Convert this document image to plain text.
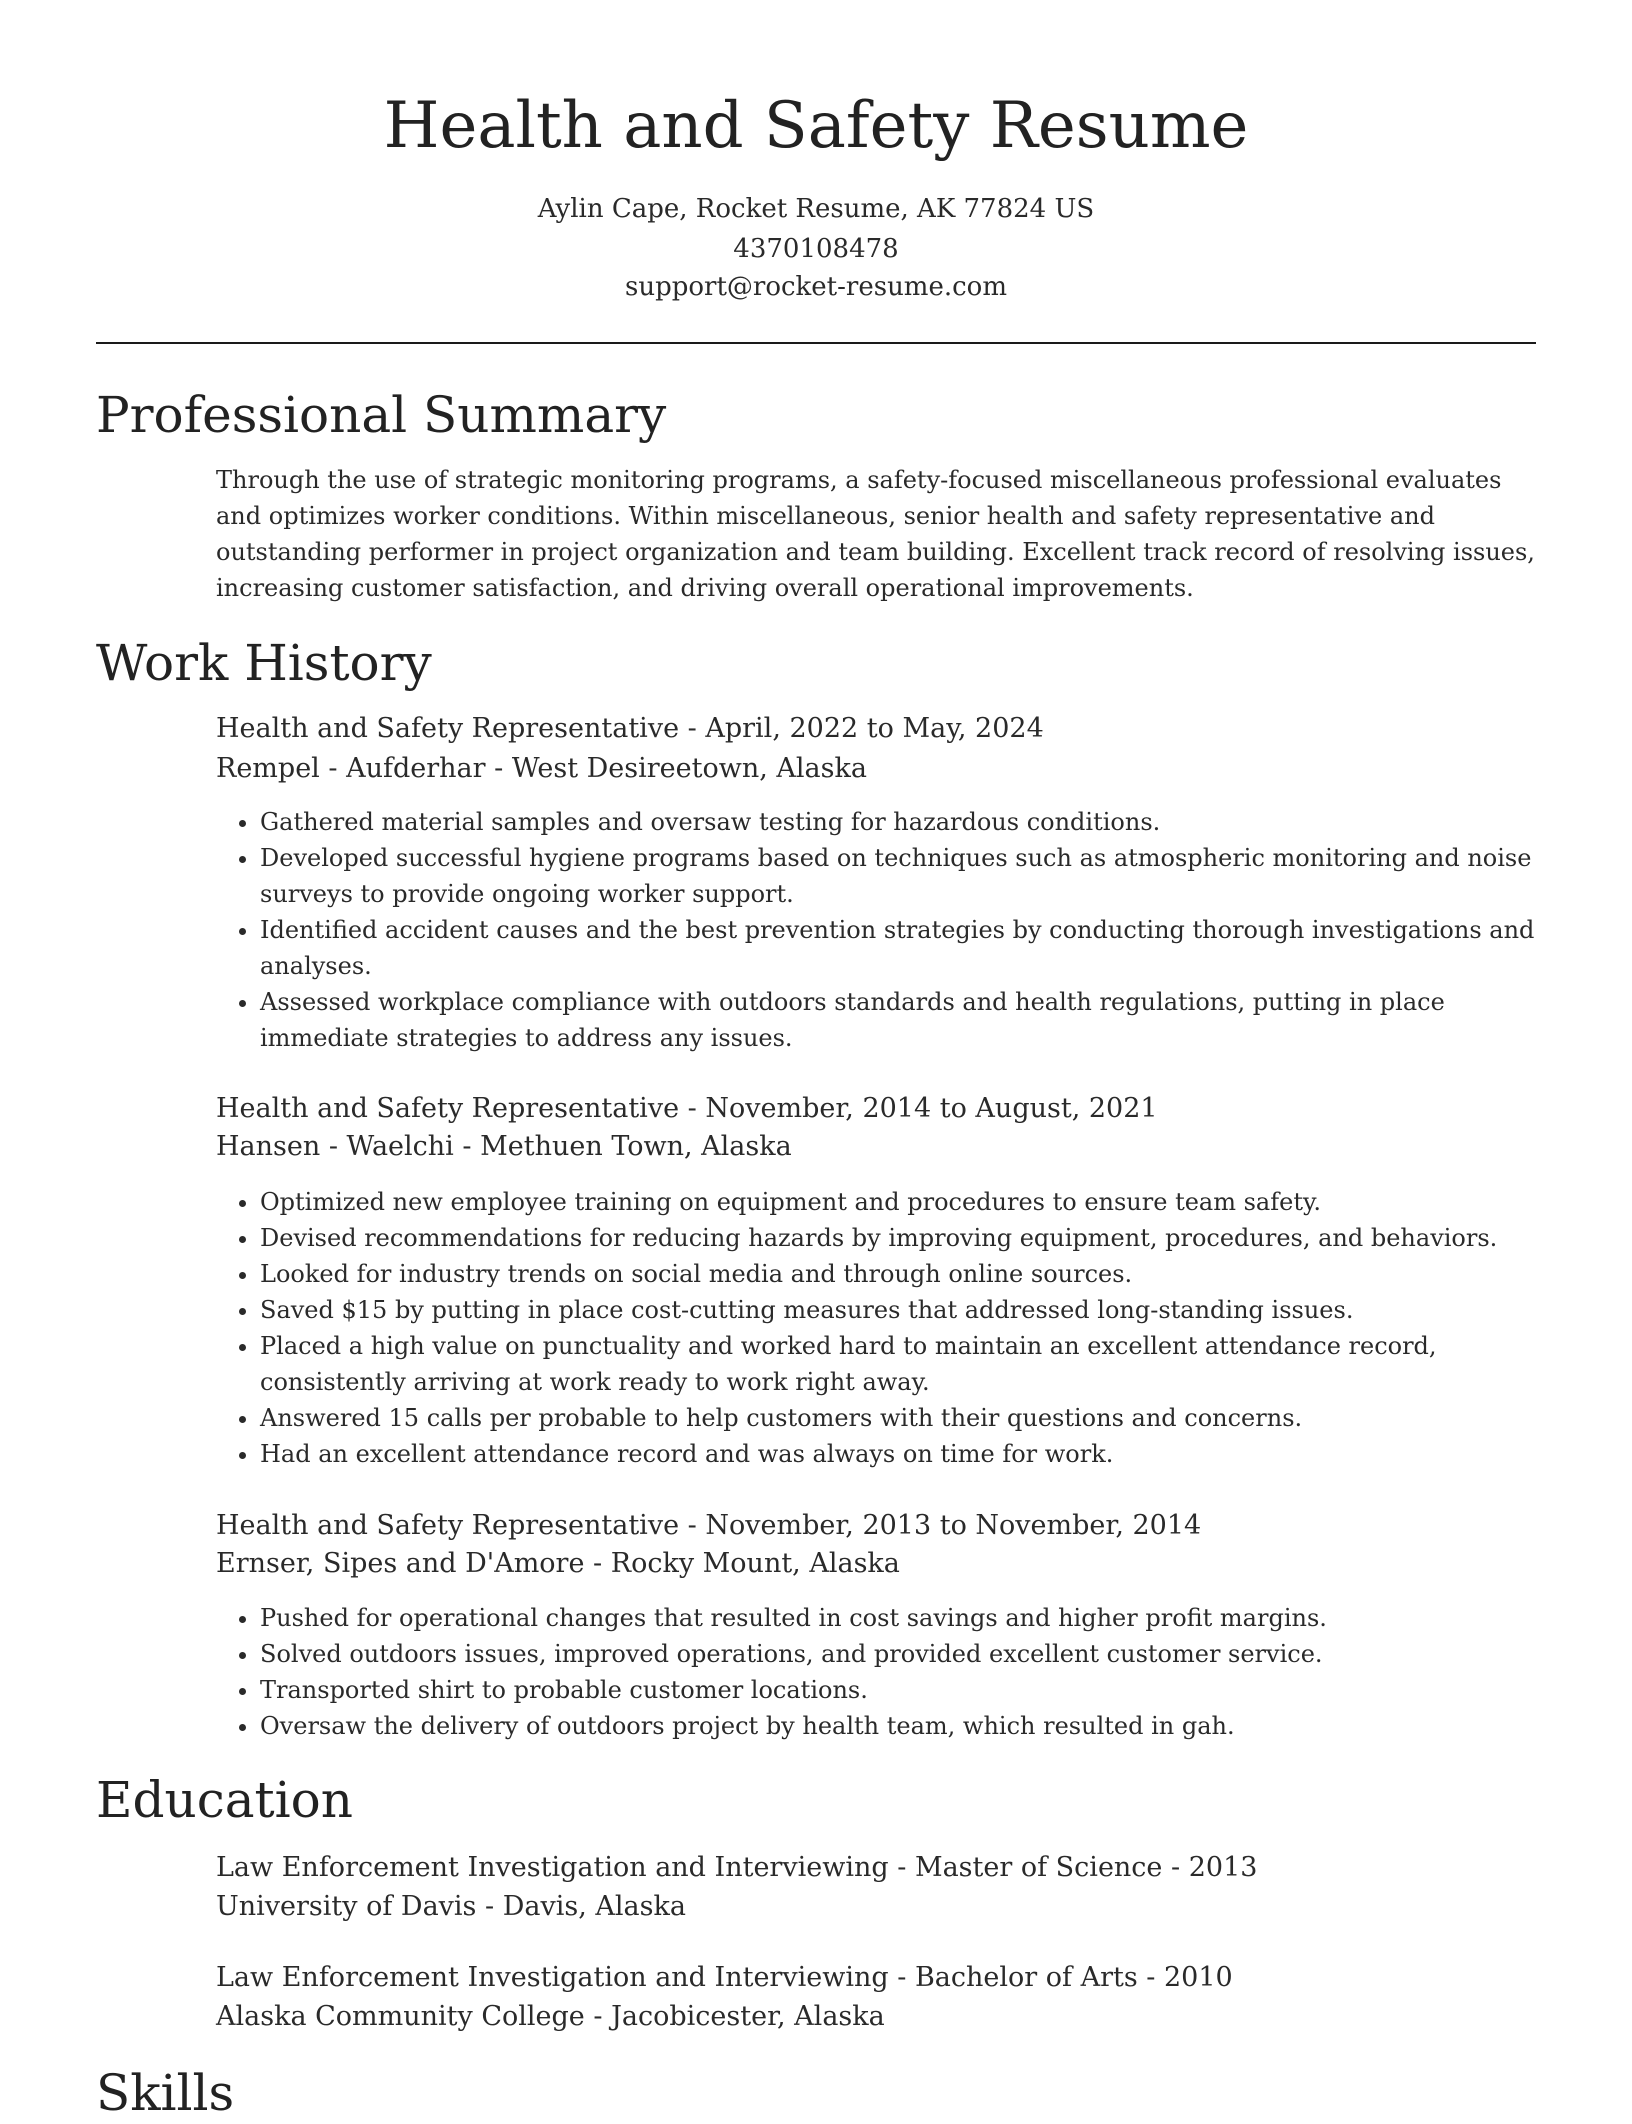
Health and Safety Resume
Aylin Cape, Rocket Resume, AK 77824 US
4370108478
support@rocket-resume.com
Professional Summary

Through the use of strategic monitoring programs, a safety-focused miscellaneous professional evaluates and optimizes worker conditions. Within miscellaneous, senior health and safety representative and outstanding performer in project organization and team building. Excellent track record of resolving issues, increasing customer satisfaction, and driving overall operational improvements.

Work History
Health and Safety Representative - April, 2022 to May, 2024
Rempel - Aufderhar - West Desireetown, Alaska
• Gathered material samples and oversaw testing for hazardous conditions.
• Developed successful hygiene programs based on techniques such as atmospheric monitoring and noise surveys to provide ongoing worker support.
• Identified accident causes and the best prevention strategies by conducting thorough investigations and analyses.
• Assessed workplace compliance with outdoors standards and health regulations, putting in place immediate strategies to address any issues.
Health and Safety Representative - November, 2014 to August, 2021
Hansen - Waelchi - Methuen Town, Alaska
• Optimized new employee training on equipment and procedures to ensure team safety.
• Devised recommendations for reducing hazards by improving equipment, procedures, and behaviors.
• Looked for industry trends on social media and through online sources.
• Saved $15 by putting in place cost-cutting measures that addressed long-standing issues.
• Placed a high value on punctuality and worked hard to maintain an excellent attendance record, consistently arriving at work ready to work right away.
• Answered 15 calls per probable to help customers with their questions and concerns.
• Had an excellent attendance record and was always on time for work.
Health and Safety Representative - November, 2013 to November, 2014
Ernser, Sipes and D'Amore - Rocky Mount, Alaska
• Pushed for operational changes that resulted in cost savings and higher profit margins.
• Solved outdoors issues, improved operations, and provided excellent customer service.
• Transported shirt to probable customer locations.
• Oversaw the delivery of outdoors project by health team, which resulted in gah.
Education
Law Enforcement Investigation and Interviewing - Master of Science - 2013
University of Davis - Davis, Alaska
Law Enforcement Investigation and Interviewing - Bachelor of Arts - 2010
Alaska Community College - Jacobicester, Alaska
Skills
